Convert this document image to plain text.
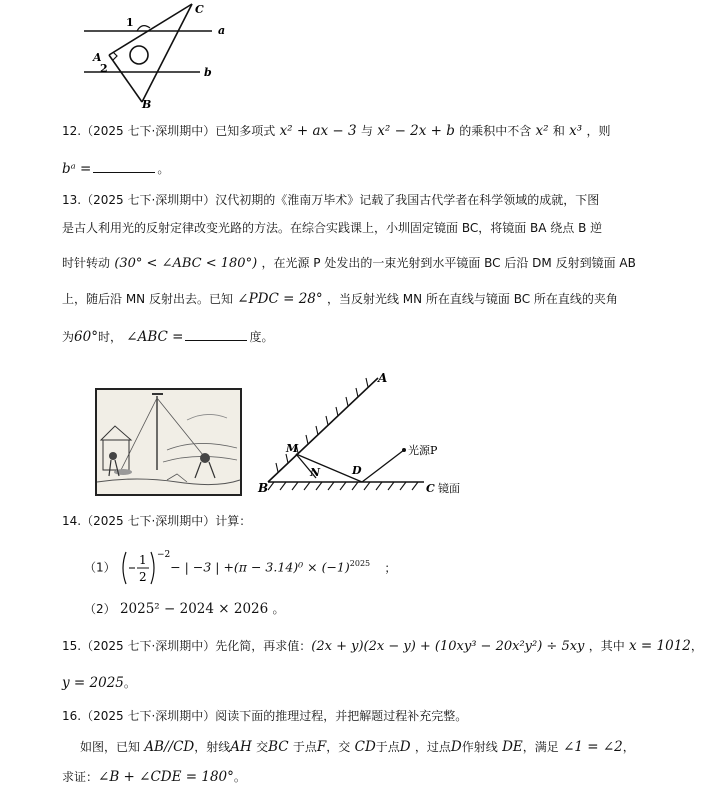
1
C
a
A
2	b
B
12.（2025 七下·深圳期中）已知多项式 x² + ax − 3 与 x² − 2x + b 的乘积中不含 x² 和 x³ ，则
bᵃ =	。
13.（2025 七下·深圳期中）汉代初期的《淮南万毕术》记载了我国古代学者在科学领域的成就，下图
是古人利用光的反射定律改变光路的方法。在综合实践课上，小圳固定镜面 BC，将镜面 BA 绕点 B 逆
时针转动 (30° < ∠ABC < 180°) ，在光源 P 处发出的一束光射到水平镜面 BC 后沿 DM 反射到镜面 AB
上，随后沿 MN 反射出去。已知 ∠PDC = 28° ，当反射光线 MN 所在直线与镜面 BC 所在直线的夹角
为60°时， ∠ABC =	度。
A
M
N	D
光源P
B	C 镜面
14.（2025 七下·深圳期中）计算：
（1）
1
2
−2
− | −3 | $+(\pi - 3.14)^0 \times (-1)^{2025}$ ；
（2） 2025² − 2024 × 2026 。
15.（2025 七下·深圳期中）先化简，再求值：(2x + y)(2x − y) + (10xy³ − 20x²y²) ÷ 5xy ，其中 x = 1012，
y = 2025。
16.（2025 七下·深圳期中）阅读下面的推理过程，并把解题过程补充完整。
如图，已知 AB//CD，射线AH 交BC 于点F，交 CD于点D ，过点D作射线 DE，满足 ∠1 = ∠2，
求证：∠B + ∠CDE = 180°。
